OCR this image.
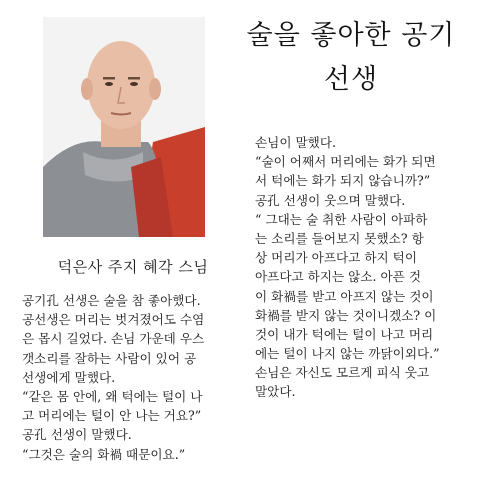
덕은사 주지 혜각 스님
술을 좋아한 공기
선생
공기孔 선생은 술을 참 좋아했다.
공선생은 머리는 벗겨졌어도 수염
은 몹시 길었다. 손님 가운데 우스
갯소리를 잘하는 사람이 있어 공
선생에게 말했다.
“같은 몸 안에, 왜 턱에는 털이 나
고 머리에는 털이 안 나는 거요?”
공孔 선생이 말했다.
“그것은 술의 화禍 때문이요.”
손님이 말했다.
“술이 어째서 머리에는 화가 되면
서 턱에는 화가 되지 않습니까?”
공孔 선생이 웃으며 말했다.
“ 그대는 술 취한 사람이 아파하
는 소리를 들어보지 못했소? 항
상 머리가 아프다고 하지 턱이
아프다고 하지는 않소. 아픈 것
이 화禍를 받고 아프지 않는 것이
화禍를 받지 않는 것이니겠소? 이
것이 내가 턱에는 털이 나고 머리
에는 털이 나지 않는 까닭이외다.”
손님은 자신도 모르게 피식 웃고
말았다.
